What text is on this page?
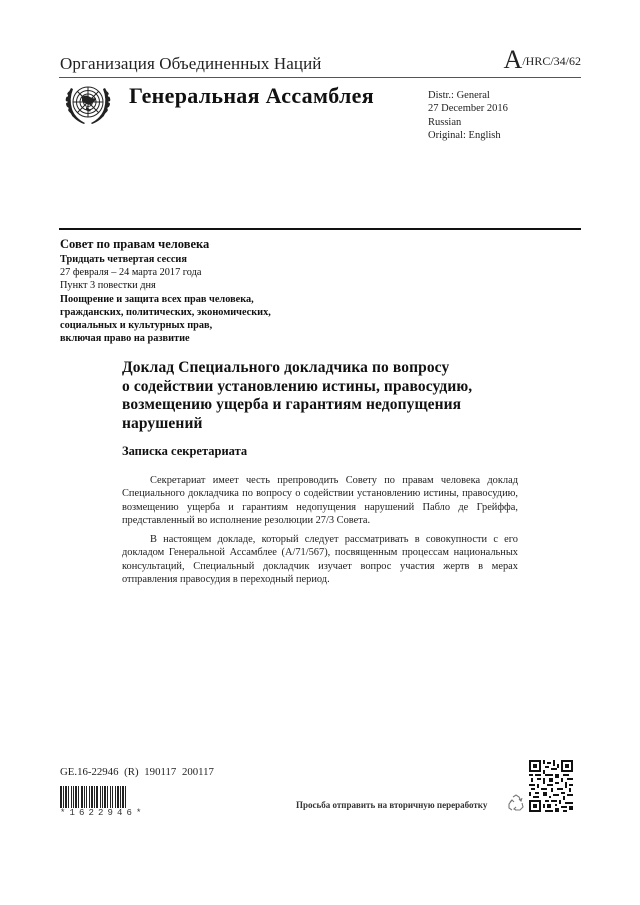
Организация Объединенных Наций	A/HRC/34/62
Генеральная Ассамблея	Distr.: General
27 December 2016
Russian
Original: English
Совет по правам человека
Тридцать четвертая сессия
27 февраля – 24 марта 2017 года
Пункт 3 повестки дня
Поощрение и защита всех прав человека,
гражданских, политических, экономических,
социальных и культурных прав,
включая право на развитие
Доклад Специального докладчика по вопросу
о содействии установлению истины, правосудию,
возмещению ущерба и гарантиям недопущения
нарушений
Записка секретариата
Секретариат имеет честь препроводить Совету по правам человека доклад Специального докладчика по вопросу о содействии установлению истины, правосудию, возмещению ущерба и гарантиям недопущения нарушений Пабло де Грейффа, представленный во исполнение резолюции 27/3 Совета.
В настоящем докладе, который следует рассматривать в совокупности с его докладом Генеральной Ассамблее (A/71/567), посвященным процессам национальных консультаций, Специальный докладчик изучает вопрос участия жертв в мерах отправления правосудия в переходный период.
GE.16-22946 (R) 190117 200117
*1622946*
Просьба отправить на вторичную переработку
